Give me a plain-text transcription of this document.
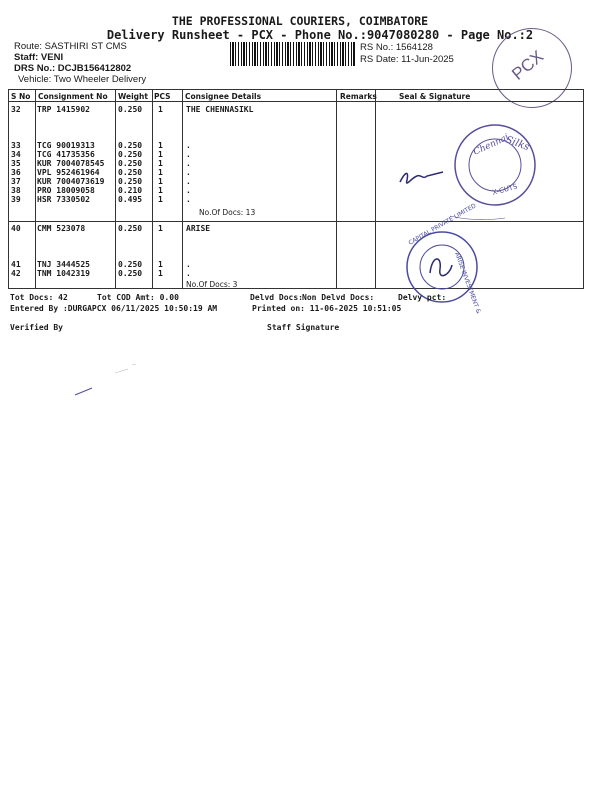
THE PROFESSIONAL COURIERS, COIMBATORE
Delivery Runsheet - PCX - Phone No.:9047080280 - Page No.:2
Route: SASTHIRI ST CMS
Staff: VENI
DRS No.: DCJB156412802
Vehicle: Two Wheeler Delivery
RS No.: 1564128
RS Date: 11-Jun-2025	PCX
S No Consignment No Weight PCS Consignee Details	Remarks	Seal & Signature
32 TRP 1415902	0.250 1	THE CHENNASIKL
33 TCG 90019313	0.250 1	.
34 TCG 41735356	0.250 1	.
35 KUR 7004078545 0.250 1	.
36 VPL 952461964 0.250 1	.
37 KUR 7004073619 0.250 1	.
38 PRO 18009058	0.210 1	.
39 HSR 7330502	0.495 1	.
No.Of Docs: 13
40 CMM 523078	0.250 1	ARISE
41 TNJ 3444525	0.250 1	.
42 TNM 1042319	0.250 1	.
No.Of Docs: 3
Chennai
Silks
X-CUTS
CAPITAL PRIVATE LIMITED
ARISE INVESTMENT &
Tot Docs: 42	Tot COD Amt: 0.00	Delvd Docs: Non Delvd Docs:	Delvy pct:
Entered By :DURGAPCX 06/11/2025 10:50:19 AM	Printed on: 11-06-2025 10:51:05
Verified By	Staff Signature
